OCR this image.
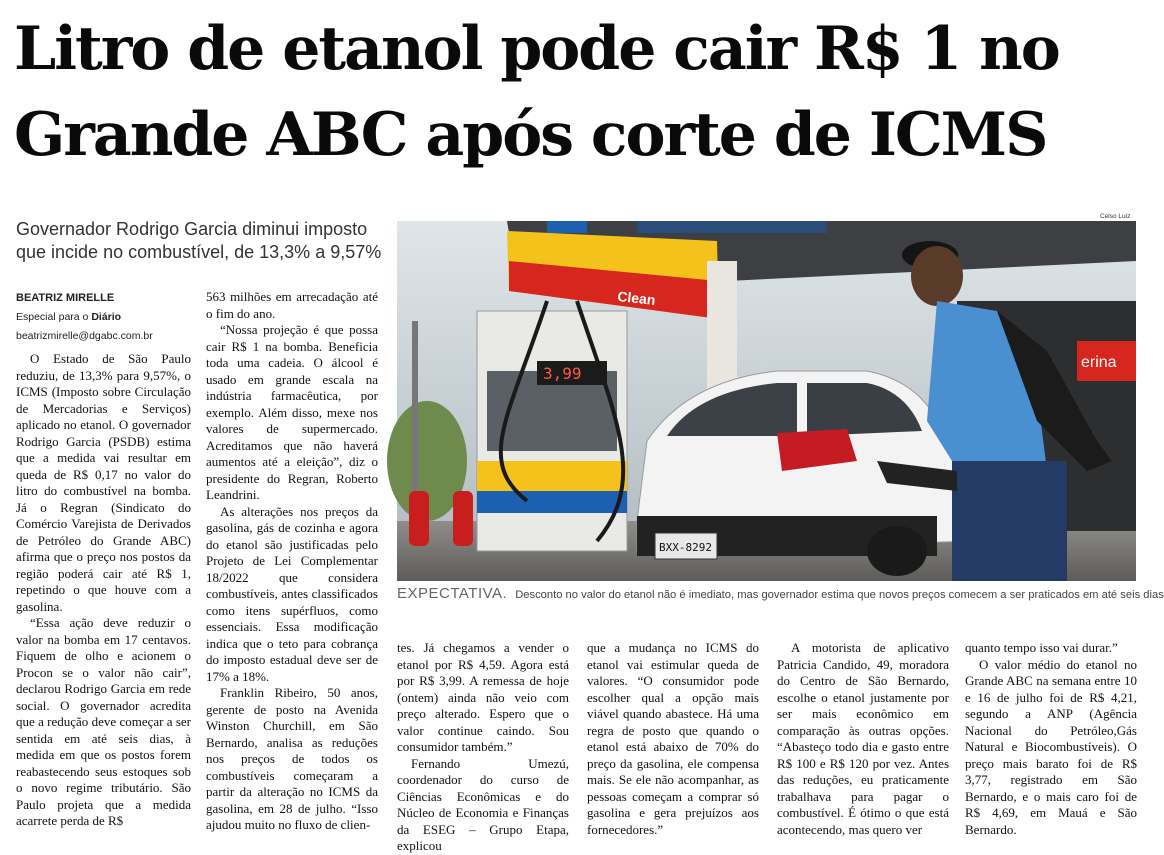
Litro de etanol pode cair R$ 1 no
Grande ABC após corte de ICMS
Governador Rodrigo Garcia diminui imposto que incide no combustível, de 13,3% a 9,57%
BEATRIZ MIRELLE
Especial para o Diário
beatrizmirelle@dgabc.com.br

O Estado de São Paulo reduziu, de 13,3% para 9,57%, o ICMS (Imposto sobre Circulação de Mercadorias e Serviços) aplicado no etanol. O governador Rodrigo Garcia (PSDB) estima que a medida vai resultar em queda de R$ 0,17 no valor do litro do combustível na bomba. Já o Regran (Sindicato do Comércio Varejista de Derivados de Petróleo do Grande ABC) afirma que o preço nos postos da região poderá cair até R$ 1, repetindo o que houve com a gasolina.

“Essa ação deve reduzir o valor na bomba em 17 centavos. Fiquem de olho e acionem o Procon se o valor não cair”, declarou Rodrigo Garcia em rede social. O governador acredita que a redução deve começar a ser sentida em até seis dias, à medida em que os postos forem reabastecendo seus estoques sob o novo regime tributário. São Paulo projeta que a medida acarrete perda de R$

563 milhões em arrecadação até o fim do ano.

“Nossa projeção é que possa cair R$ 1 na bomba. Beneficia toda uma cadeia. O álcool é usado em grande escala na indústria farmacêutica, por exemplo. Além disso, mexe nos valores de supermercado. Acreditamos que não haverá aumentos até a eleição”, diz o presidente do Regran, Roberto Leandrini.

As alterações nos preços da gasolina, gás de cozinha e agora do etanol são justificadas pelo Projeto de Lei Complementar 18/2022 que considera combustíveis, antes classificados como itens supérfluos, como essenciais. Essa modificação indica que o teto para cobrança do imposto estadual deve ser de 17% a 18%.

Franklin Ribeiro, 50 anos, gerente de posto na Avenida Winston Churchill, em São Bernardo, analisa as reduções nos preços de todos os combustíveis começaram a partir da alteração no ICMS da gasolina, em 28 de julho. “Isso ajudou muito no fluxo de clien-

tes. Já chegamos a vender o etanol por R$ 4,59. Agora está por R$ 3,99. A remessa de hoje (ontem) ainda não veio com preço alterado. Espero que o valor continue caindo. Sou consumidor também.”

Fernando Umezú, coordenador do curso de Ciências Econômicas e do Núcleo de Economia e Finanças da ESEG – Grupo Etapa, explicou

que a mudança no ICMS do etanol vai estimular queda de valores. “O consumidor pode escolher qual a opção mais viável quando abastece. Há uma regra de posto que quando o etanol está abaixo de 70% do preço da gasolina, ele compensa mais. Se ele não acompanhar, as pessoas começam a comprar só gasolina e gera prejuízos aos fornecedores.”

A motorista de aplicativo Patricia Candido, 49, moradora do Centro de São Bernardo, escolhe o etanol justamente por ser mais econômico em comparação às outras opções. “Abasteço todo dia e gasto entre R$ 100 e R$ 120 por vez. Antes das reduções, eu praticamente trabalhava para pagar o combustível. É ótimo o que está acontecendo, mas quero ver

quanto tempo isso vai durar.”

O valor médio do etanol no Grande ABC na semana entre 10 e 16 de julho foi de R$ 4,21, segundo a ANP (Agência Nacional do Petróleo,Gás Natural e Biocombustíveis). O preço mais barato foi de R$ 3,77, registrado em São Bernardo, e o mais caro foi de R$ 4,69, em Mauá e São Bernardo.

Celso Luiz
Clean
3,99
erina
BXX-8292
EXPECTATIVA. Desconto no valor do etanol não é imediato, mas governador estima que novos preços comecem a ser praticados em até seis dias
